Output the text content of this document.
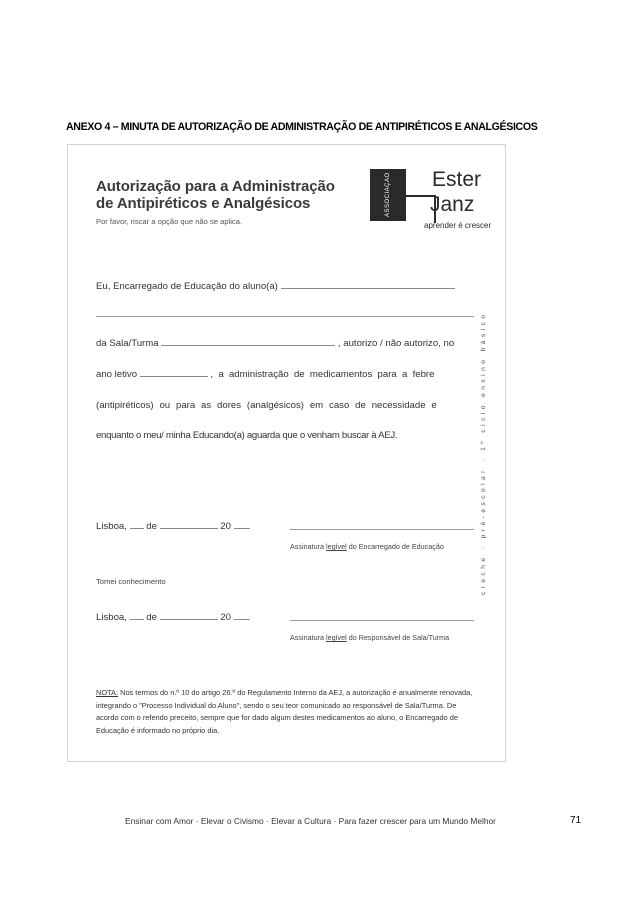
ANEXO 4 – MINUTA DE AUTORIZAÇÃO DE ADMINISTRAÇÃO DE ANTIPIRÉTICOS E ANALGÉSICOS
Autorização para a Administração
de Antipiréticos e Analgésicos
Por favor, riscar a opção que não se aplica.
ASSOCIAÇÃO	Ester
Janz
aprender é crescer
Eu, Encarregado de Educação do aluno(a)
da Sala/Turma	, autorizo / não autorizo, no
ano letivo	, a administração de medicamentos para a febre
(antipiréticos) ou para as dores (analgésicos) em caso de necessidade e
enquanto o meu/ minha Educando(a) aguarda que o venham buscar à AEJ.
Lisboa, de	20
Assinatura legível do Encarregado de Educação
Tomei conhecimento
Lisboa, de	20
Assinatura legível do Responsável de Sala/Turma
NOTA: Nos termos do n.º 10 do artigo 26.º do Regulamento Interno da AEJ, a autorização é anualmente renovada, integrando o "Processo Individual do Aluno", sendo o seu teor comunicado ao responsável de Sala/Turma. De acordo com o referido preceito, sempre que for dado algum destes medicamentos ao aluno, o Encarregado de Educação é informado no próprio dia.
creche · pré-escolar · 1º ciclo ensino básico
Ensinar com Amor · Elevar o Civismo · Elevar a Cultura · Para fazer crescer para um Mundo Melhor	71
